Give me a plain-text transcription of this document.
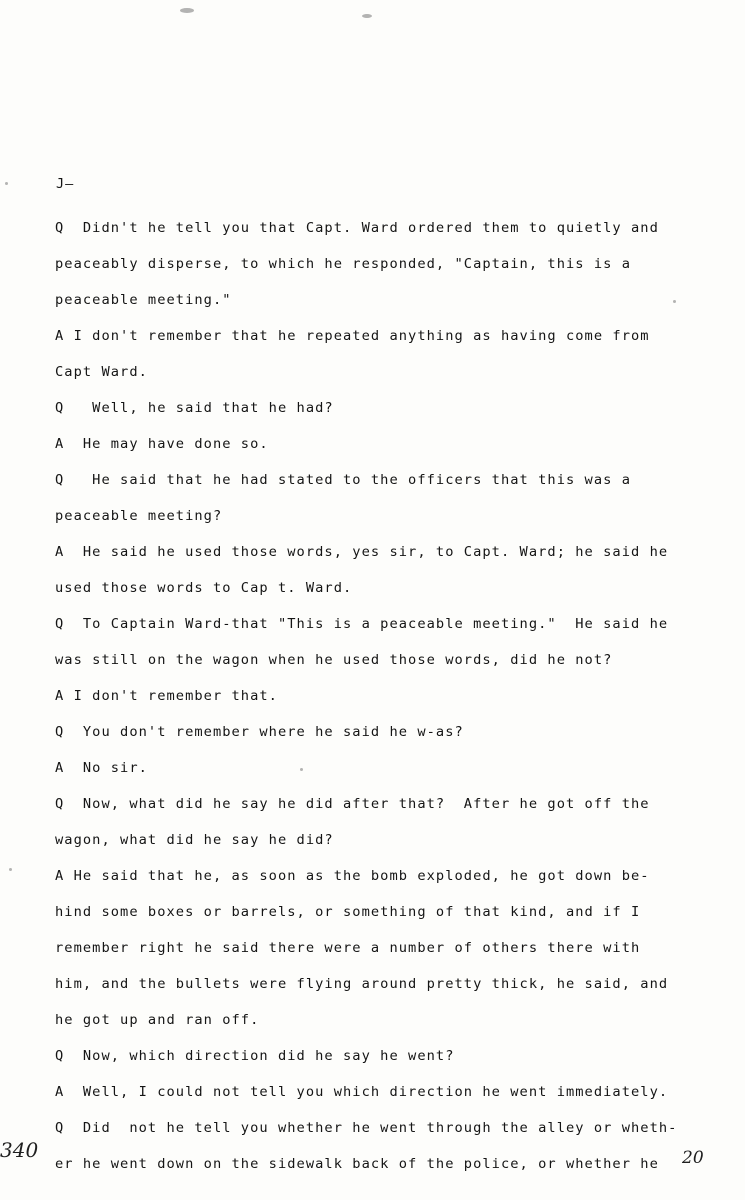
J—
Q  Didn't he tell you that Capt. Ward ordered them to quietly and
peaceably disperse, to which he responded, "Captain, this is a
peaceable meeting."
A I don't remember that he repeated anything as having come from
Capt Ward.
Q   Well, he said that he had?
A  He may have done so.
Q   He said that he had stated to the officers that this was a
peaceable meeting?
A  He said he used those words, yes sir, to Capt. Ward; he said he
used those words to Cap t. Ward.
Q  To Captain Ward-that "This is a peaceable meeting."  He said he
was still on the wagon when he used those words, did he not?
A I don't remember that.
Q  You don't remember where he said he w-as?
A  No sir.
Q  Now, what did he say he did after that?  After he got off the
wagon, what did he say he did?
A He said that he, as soon as the bomb exploded, he got down be-
hind some boxes or barrels, or something of that kind, and if I
remember right he said there were a number of others there with
him, and the bullets were flying around pretty thick, he said, and
he got up and ran off.
Q  Now, which direction did he say he went?
A  Well, I could not tell you which direction he went immediately.
Q  Did  not he tell you whether he went through the alley or wheth-
er he went down on the sidewalk back of the police, or whether he
340	20
